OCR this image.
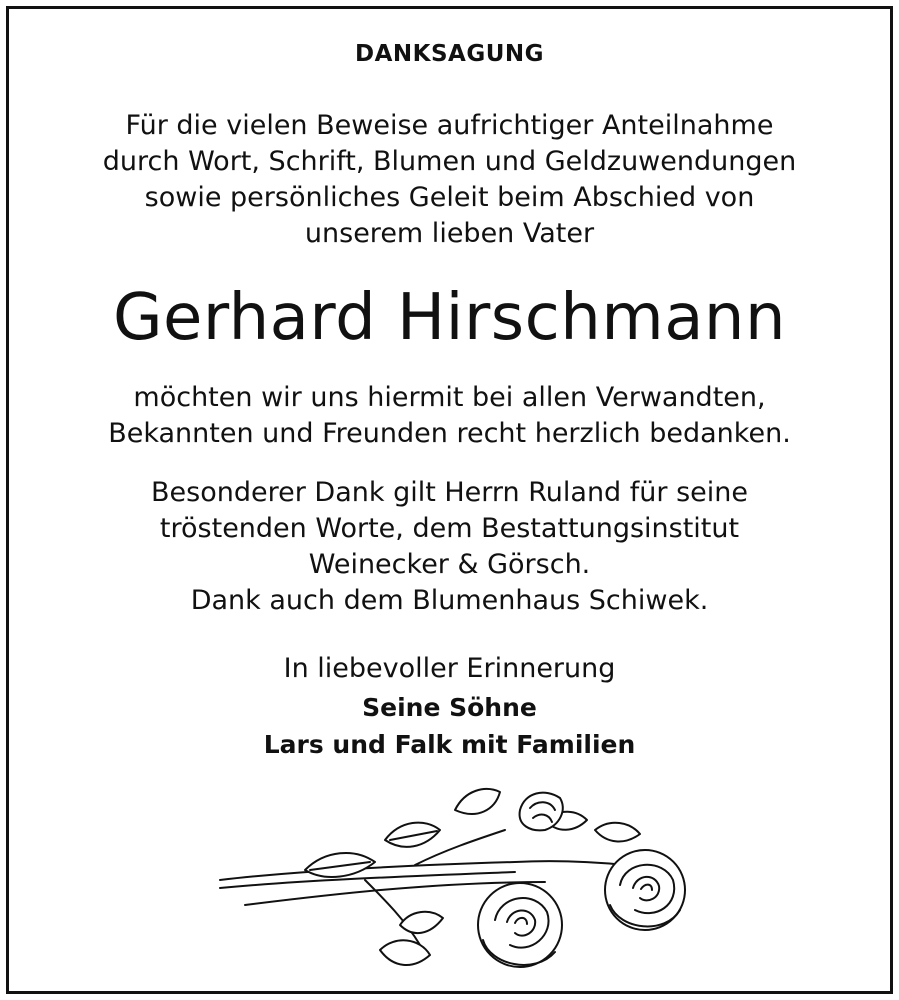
DANKSAGUNG
Für die vielen Beweise aufrichtiger Anteilnahme
durch Wort, Schrift, Blumen und Geldzuwendungen
sowie persönliches Geleit beim Abschied von
unserem lieben Vater
Gerhard Hirschmann
möchten wir uns hiermit bei allen Verwandten,
Bekannten und Freunden recht herzlich bedanken.
Besonderer Dank gilt Herrn Ruland für seine
tröstenden Worte, dem Bestattungsinstitut
Weinecker & Görsch.
Dank auch dem Blumenhaus Schiwek.
In liebevoller Erinnerung
Seine Söhne
Lars und Falk mit Familien
